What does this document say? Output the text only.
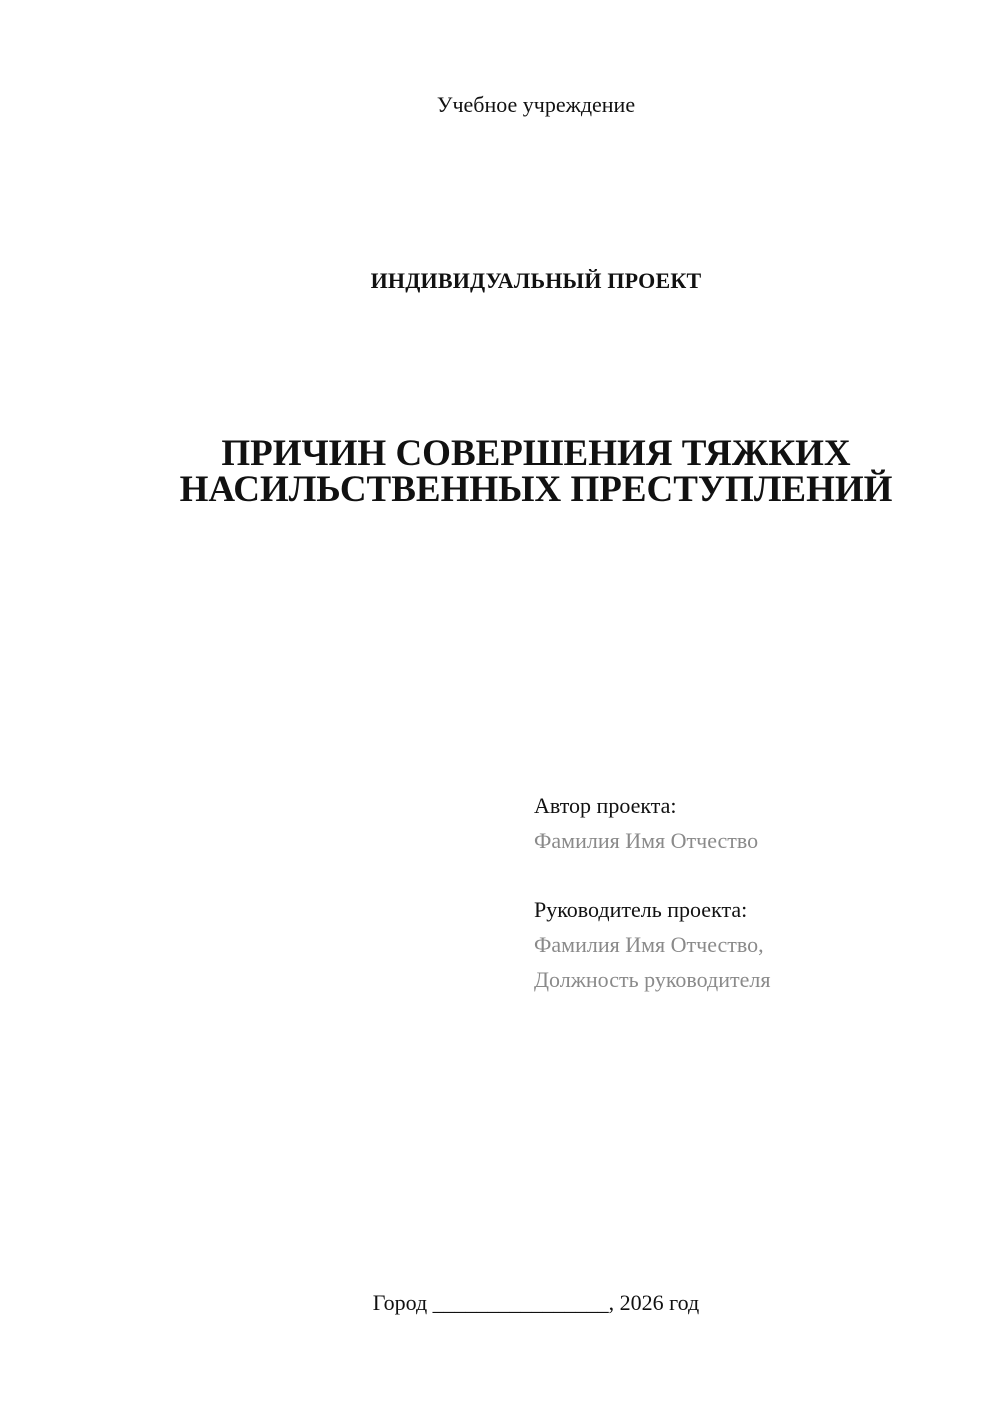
Учебное учреждение
ИНДИВИДУАЛЬНЫЙ ПРОЕКТ
ПРИЧИН СОВЕРШЕНИЯ ТЯЖКИХ
НАСИЛЬСТВЕННЫХ ПРЕСТУПЛЕНИЙ
Автор проекта:
Фамилия Имя Отчество
Руководитель проекта:
Фамилия Имя Отчество,
Должность руководителя
Город ________________, 2026 год
